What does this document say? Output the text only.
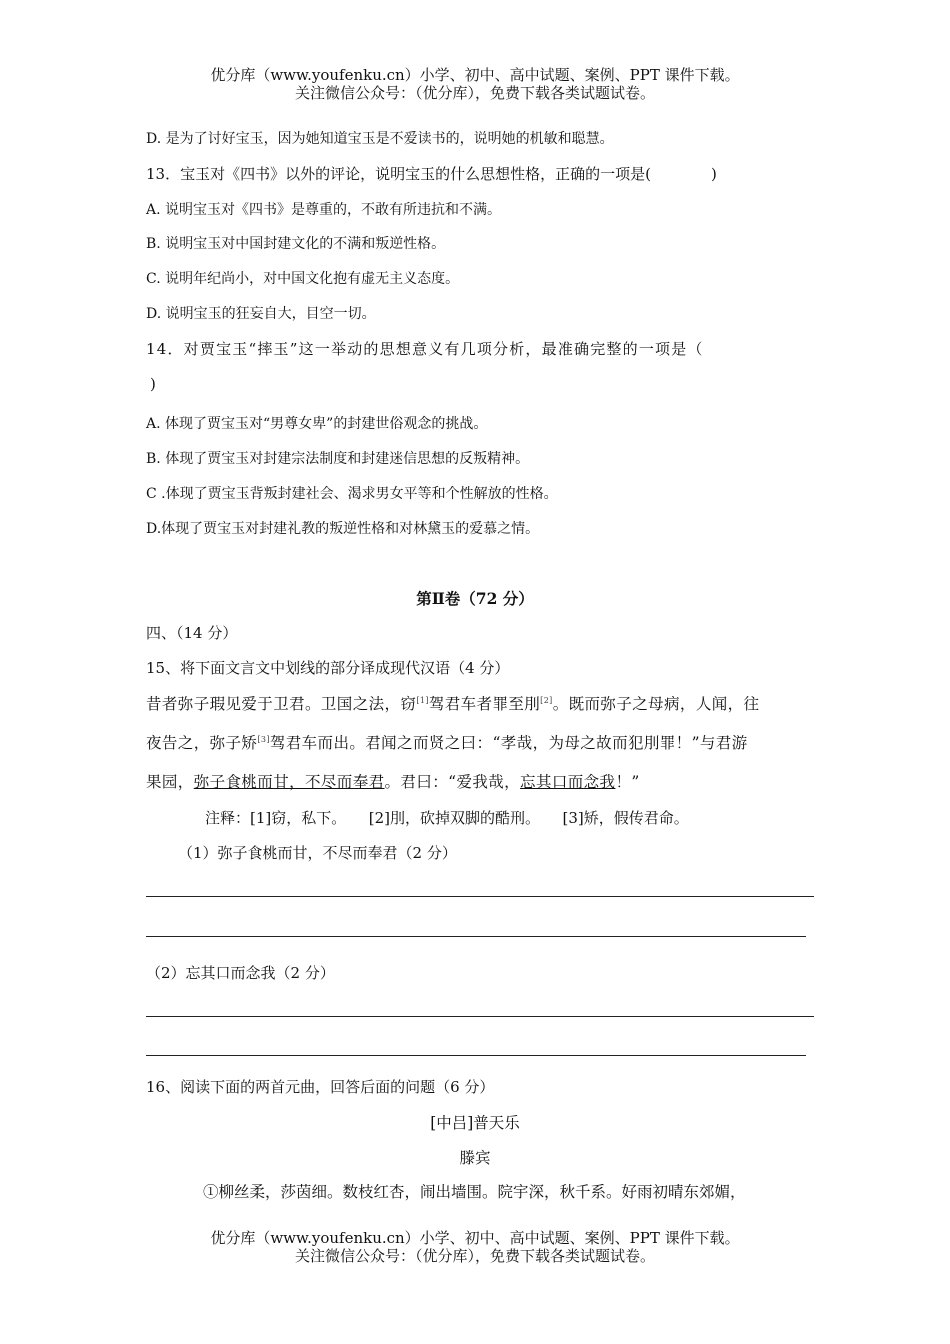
优分库（www.youfenku.cn）小学、初中、高中试题、案例、PPT 课件下载。
关注微信公众号：（优分库），免费下载各类试题试卷。
D. 是为了讨好宝玉，因为她知道宝玉是不爱读书的，说明她的机敏和聪慧。
13．宝玉对《四书》以外的评论，说明宝玉的什么思想性格，正确的一项是(　　　　)
A. 说明宝玉对《四书》是尊重的，不敢有所违抗和不满。
B. 说明宝玉对中国封建文化的不满和叛逆性格。
C. 说明年纪尚小，对中国文化抱有虚无主义态度。
D. 说明宝玉的狂妄自大，目空一切。
14．对贾宝玉“摔玉”这一举动的思想意义有几项分析，最准确完整的一项是（
)
A. 体现了贾宝玉对“男尊女卑”的封建世俗观念的挑战。
B. 体现了贾宝玉对封建宗法制度和封建迷信思想的反叛精神。
C .体现了贾宝玉背叛封建社会、渴求男女平等和个性解放的性格。
D.体现了贾宝玉对封建礼教的叛逆性格和对林黛玉的爱慕之情。
第Ⅱ卷（72 分）
四、（14 分）
15、将下面文言文中划线的部分译成现代汉语（4 分）
昔者弥子瑕见爱于卫君。卫国之法，窃[1]驾君车者罪至刖[2]。既而弥子之母病，人闻，往
夜告之，弥子矫[3]驾君车而出。君闻之而贤之曰：“孝哉，为母之故而犯刖罪！”与君游
果园，弥子食桃而甘，不尽而奉君。君曰：“爱我哉，忘其口而念我！”
注释：[1]窃，私下。　　[2]刖，砍掉双脚的酷刑。　　[3]矫，假传君命。
（1）弥子食桃而甘，不尽而奉君（2 分）
（2）忘其口而念我（2 分）
16、阅读下面的两首元曲，回答后面的问题（6 分）
[中吕]普天乐
滕宾
①柳丝柔，莎茵细。数枝红杏，闹出墙围。院宇深，秋千系。好雨初晴东郊媚，
优分库（www.youfenku.cn）小学、初中、高中试题、案例、PPT 课件下载。
关注微信公众号：（优分库），免费下载各类试题试卷。
